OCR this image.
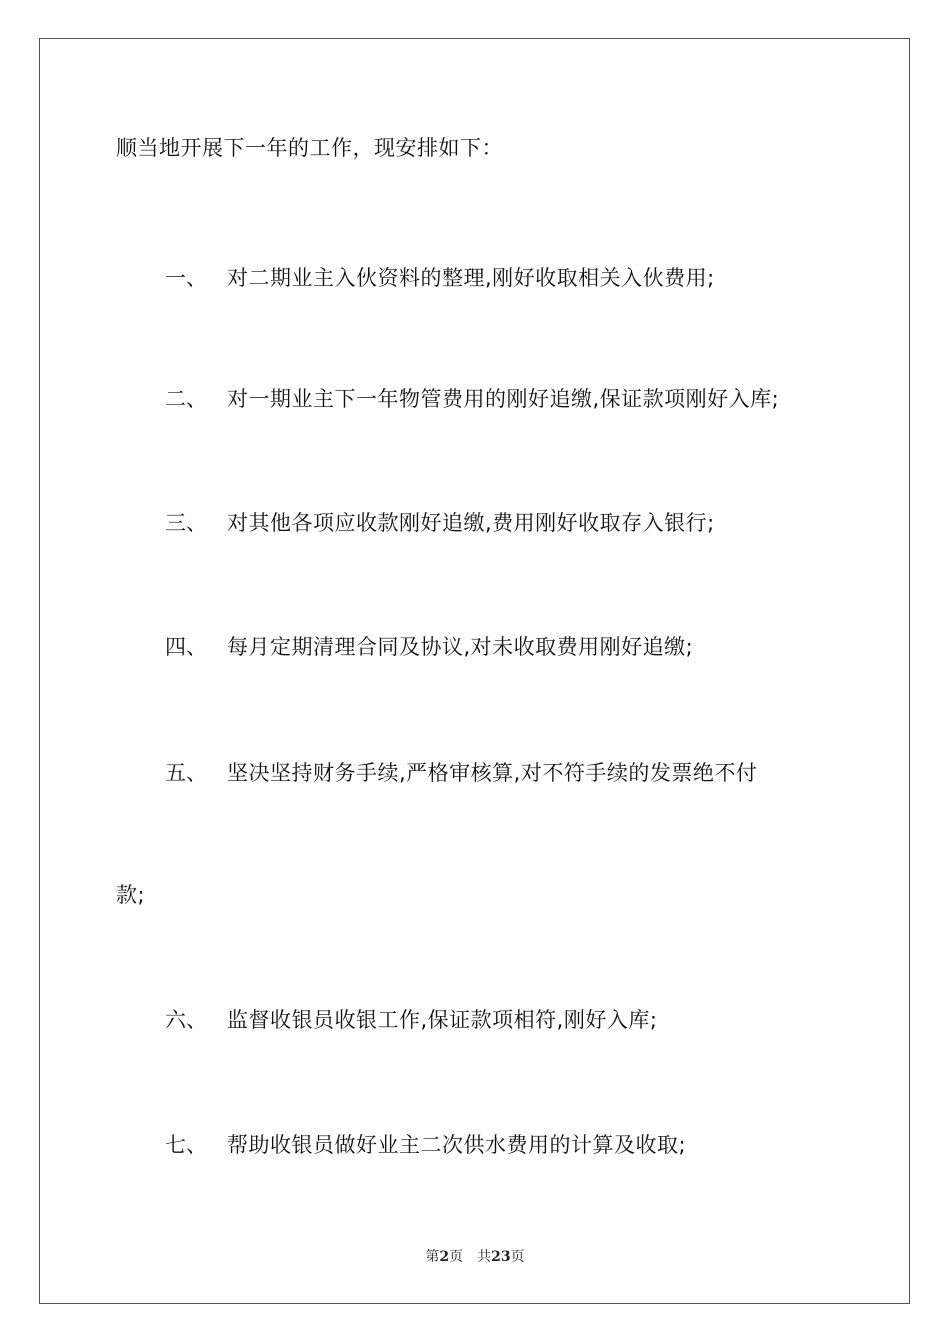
顺当地开展下一年的工作，现安排如下：
一、 对二期业主入伙资料的整理,刚好收取相关入伙费用;
二、 对一期业主下一年物管费用的刚好追缴,保证款项刚好入库;
三、 对其他各项应收款刚好追缴,费用刚好收取存入银行;
四、 每月定期清理合同及协议,对未收取费用刚好追缴;
五、 坚决坚持财务手续,严格审核算,对不符手续的发票绝不付
款;
六、 监督收银员收银工作,保证款项相符,刚好入库;
七、 帮助收银员做好业主二次供水费用的计算及收取;
第2页 共23页
